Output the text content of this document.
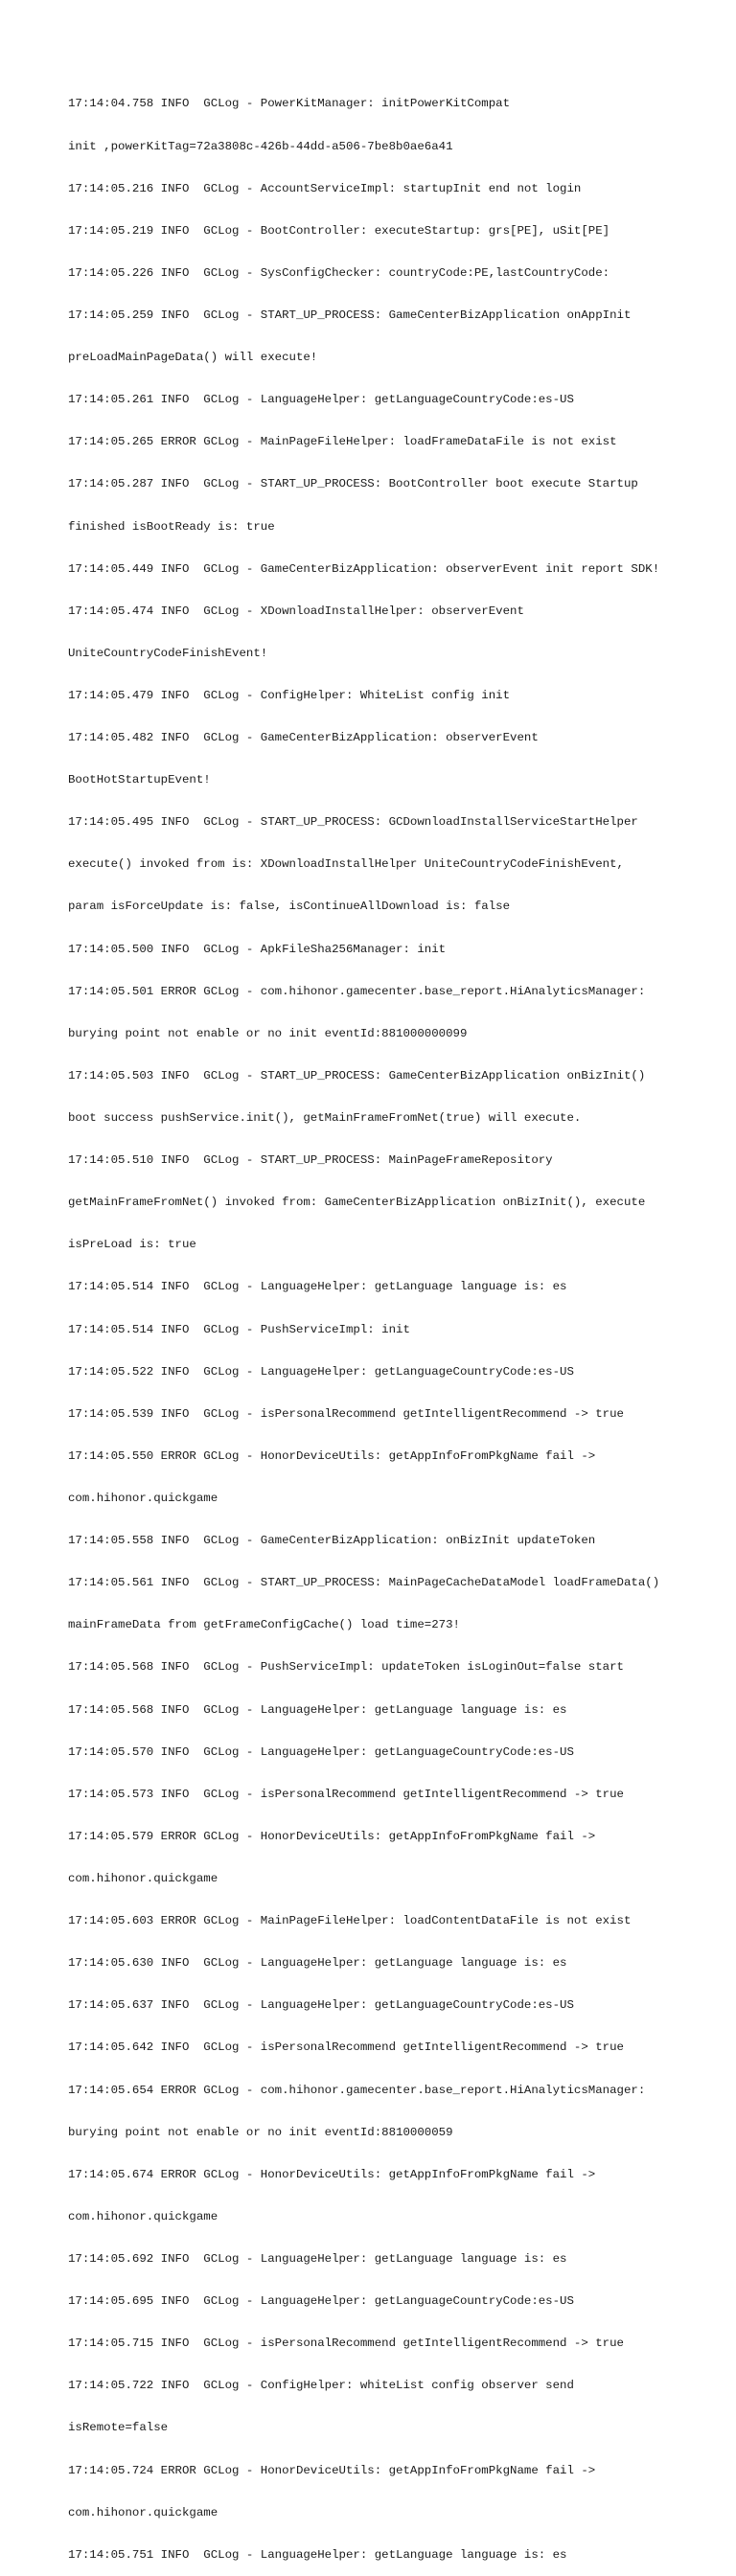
17:14:04.758 INFO  GCLog - PowerKitManager: initPowerKitCompat

init ,powerKitTag=72a3808c-426b-44dd-a506-7be8b0ae6a41

17:14:05.216 INFO  GCLog - AccountServiceImpl: startupInit end not login

17:14:05.219 INFO  GCLog - BootController: executeStartup: grs[PE], uSit[PE]

17:14:05.226 INFO  GCLog - SysConfigChecker: countryCode:PE,lastCountryCode:

17:14:05.259 INFO  GCLog - START_UP_PROCESS: GameCenterBizApplication onAppInit

preLoadMainPageData() will execute!

17:14:05.261 INFO  GCLog - LanguageHelper: getLanguageCountryCode:es-US

17:14:05.265 ERROR GCLog - MainPageFileHelper: loadFrameDataFile is not exist

17:14:05.287 INFO  GCLog - START_UP_PROCESS: BootController boot execute Startup

finished isBootReady is: true

17:14:05.449 INFO  GCLog - GameCenterBizApplication: observerEvent init report SDK!

17:14:05.474 INFO  GCLog - XDownloadInstallHelper: observerEvent

UniteCountryCodeFinishEvent!

17:14:05.479 INFO  GCLog - ConfigHelper: WhiteList config init

17:14:05.482 INFO  GCLog - GameCenterBizApplication: observerEvent

BootHotStartupEvent!

17:14:05.495 INFO  GCLog - START_UP_PROCESS: GCDownloadInstallServiceStartHelper

execute() invoked from is: XDownloadInstallHelper UniteCountryCodeFinishEvent,

param isForceUpdate is: false, isContinueAllDownload is: false

17:14:05.500 INFO  GCLog - ApkFileSha256Manager: init

17:14:05.501 ERROR GCLog - com.hihonor.gamecenter.base_report.HiAnalyticsManager:

burying point not enable or no init eventId:881000000099

17:14:05.503 INFO  GCLog - START_UP_PROCESS: GameCenterBizApplication onBizInit()

boot success pushService.init(), getMainFrameFromNet(true) will execute.

17:14:05.510 INFO  GCLog - START_UP_PROCESS: MainPageFrameRepository

getMainFrameFromNet() invoked from: GameCenterBizApplication onBizInit(), execute

isPreLoad is: true

17:14:05.514 INFO  GCLog - LanguageHelper: getLanguage language is: es

17:14:05.514 INFO  GCLog - PushServiceImpl: init

17:14:05.522 INFO  GCLog - LanguageHelper: getLanguageCountryCode:es-US

17:14:05.539 INFO  GCLog - isPersonalRecommend getIntelligentRecommend -> true

17:14:05.550 ERROR GCLog - HonorDeviceUtils: getAppInfoFromPkgName fail ->

com.hihonor.quickgame

17:14:05.558 INFO  GCLog - GameCenterBizApplication: onBizInit updateToken

17:14:05.561 INFO  GCLog - START_UP_PROCESS: MainPageCacheDataModel loadFrameData()

mainFrameData from getFrameConfigCache() load time=273!

17:14:05.568 INFO  GCLog - PushServiceImpl: updateToken isLoginOut=false start

17:14:05.568 INFO  GCLog - LanguageHelper: getLanguage language is: es

17:14:05.570 INFO  GCLog - LanguageHelper: getLanguageCountryCode:es-US

17:14:05.573 INFO  GCLog - isPersonalRecommend getIntelligentRecommend -> true

17:14:05.579 ERROR GCLog - HonorDeviceUtils: getAppInfoFromPkgName fail ->

com.hihonor.quickgame

17:14:05.603 ERROR GCLog - MainPageFileHelper: loadContentDataFile is not exist

17:14:05.630 INFO  GCLog - LanguageHelper: getLanguage language is: es

17:14:05.637 INFO  GCLog - LanguageHelper: getLanguageCountryCode:es-US

17:14:05.642 INFO  GCLog - isPersonalRecommend getIntelligentRecommend -> true

17:14:05.654 ERROR GCLog - com.hihonor.gamecenter.base_report.HiAnalyticsManager:

burying point not enable or no init eventId:8810000059

17:14:05.674 ERROR GCLog - HonorDeviceUtils: getAppInfoFromPkgName fail ->

com.hihonor.quickgame

17:14:05.692 INFO  GCLog - LanguageHelper: getLanguage language is: es

17:14:05.695 INFO  GCLog - LanguageHelper: getLanguageCountryCode:es-US

17:14:05.715 INFO  GCLog - isPersonalRecommend getIntelligentRecommend -> true

17:14:05.722 INFO  GCLog - ConfigHelper: whiteList config observer send

isRemote=false

17:14:05.724 ERROR GCLog - HonorDeviceUtils: getAppInfoFromPkgName fail ->

com.hihonor.quickgame

17:14:05.751 INFO  GCLog - LanguageHelper: getLanguage language is: es
